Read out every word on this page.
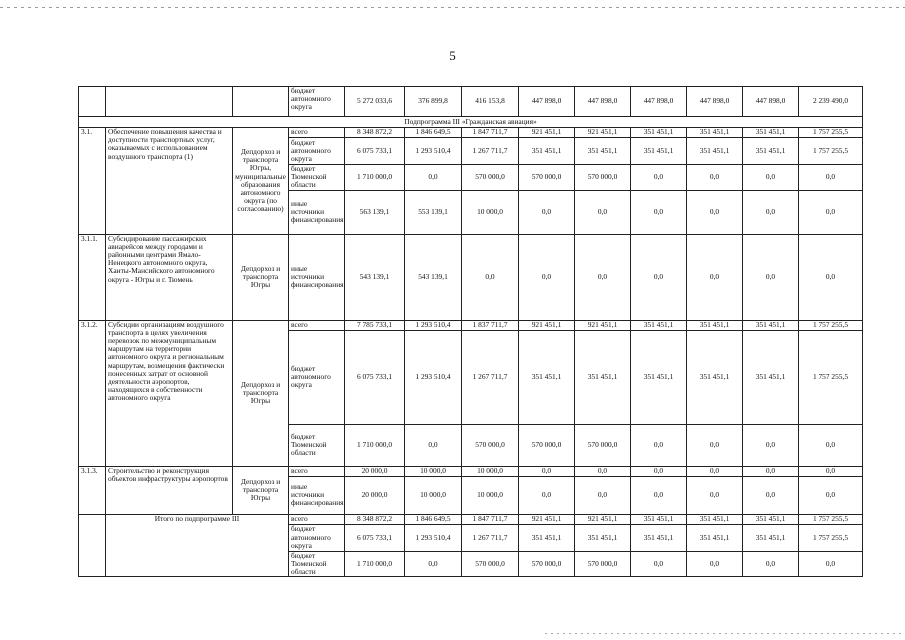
5
			бюджет автономного округа	5 272 033,6	376 899,8	416 153,8	447 898,0	447 898,0	447 898,0	447 898,0	447 898,0	2 239 490,0
Подпрограмма III «Гражданская авиация»												
3.1.	Обеспечение повышения качества и доступности транспортных услуг, оказываемых с использованием воздушного транспорта (1)	Депдорхоз и транспорта Югры, муниципальные образования автономного округа (по согласованию)	всего	8 348 872,2	1 846 649,5	1 847 711,7	921 451,1	921 451,1	351 451,1	351 451,1	351 451,1	1 757 255,5
			бюджет автономного округа	6 075 733,1	1 293 510,4	1 267 711,7	351 451,1	351 451,1	351 451,1	351 451,1	351 451,1	1 757 255,5
			бюджет Тюменской области	1 710 000,0	0,0	570 000,0	570 000,0	570 000,0	0,0	0,0	0,0	0,0
			иные источники финансирования	563 139,1	553 139,1	10 000,0	0,0	0,0	0,0	0,0	0,0	0,0
3.1.1.	Субсидирование пассажирских авиарейсов между городами и районными центрами Ямало-Ненецкого автономного округа, Ханты-Мансийского автономного округа - Югры и г. Тюмень	Депдорхоз и транспорта Югры	иные источники финансирования	543 139,1	543 139,1	0,0	0,0	0,0	0,0	0,0	0,0	0,0
3.1.2.	Субсидии организациям воздушного транспорта в целях увеличения перевозок по межмуниципальным маршрутам на территории автономного округа и региональным маршрутам, возмещения фактически понесенных затрат от основной деятельности аэропортов, находящихся в собственности автономного округа	Депдорхоз и транспорта Югры	всего	7 785 733,1	1 293 510,4	1 837 711,7	921 451,1	921 451,1	351 451,1	351 451,1	351 451,1	1 757 255,5
			бюджет автономного округа	6 075 733,1	1 293 510,4	1 267 711,7	351 451,1	351 451,1	351 451,1	351 451,1	351 451,1	1 757 255,5
			бюджет Тюменской области	1 710 000,0	0,0	570 000,0	570 000,0	570 000,0	0,0	0,0	0,0	0,0
3.1.3.	Строительство и реконструкция объектов инфраструктуры аэропортов	Депдорхоз и транспорта Югры	всего	20 000,0	10 000,0	10 000,0	0,0	0,0	0,0	0,0	0,0	0,0
			иные источники финансирования	20 000,0	10 000,0	10 000,0	0,0	0,0	0,0	0,0	0,0	0,0
	Итого по подпрограмме III		всего	8 348 872,2	1 846 649,5	1 847 711,7	921 451,1	921 451,1	351 451,1	351 451,1	351 451,1	1 757 255,5
			бюджет автономного округа	6 075 733,1	1 293 510,4	1 267 711,7	351 451,1	351 451,1	351 451,1	351 451,1	351 451,1	1 757 255,5
			бюджет Тюменской области	1 710 000,0	0,0	570 000,0	570 000,0	570 000,0	0,0	0,0	0,0	0,0
